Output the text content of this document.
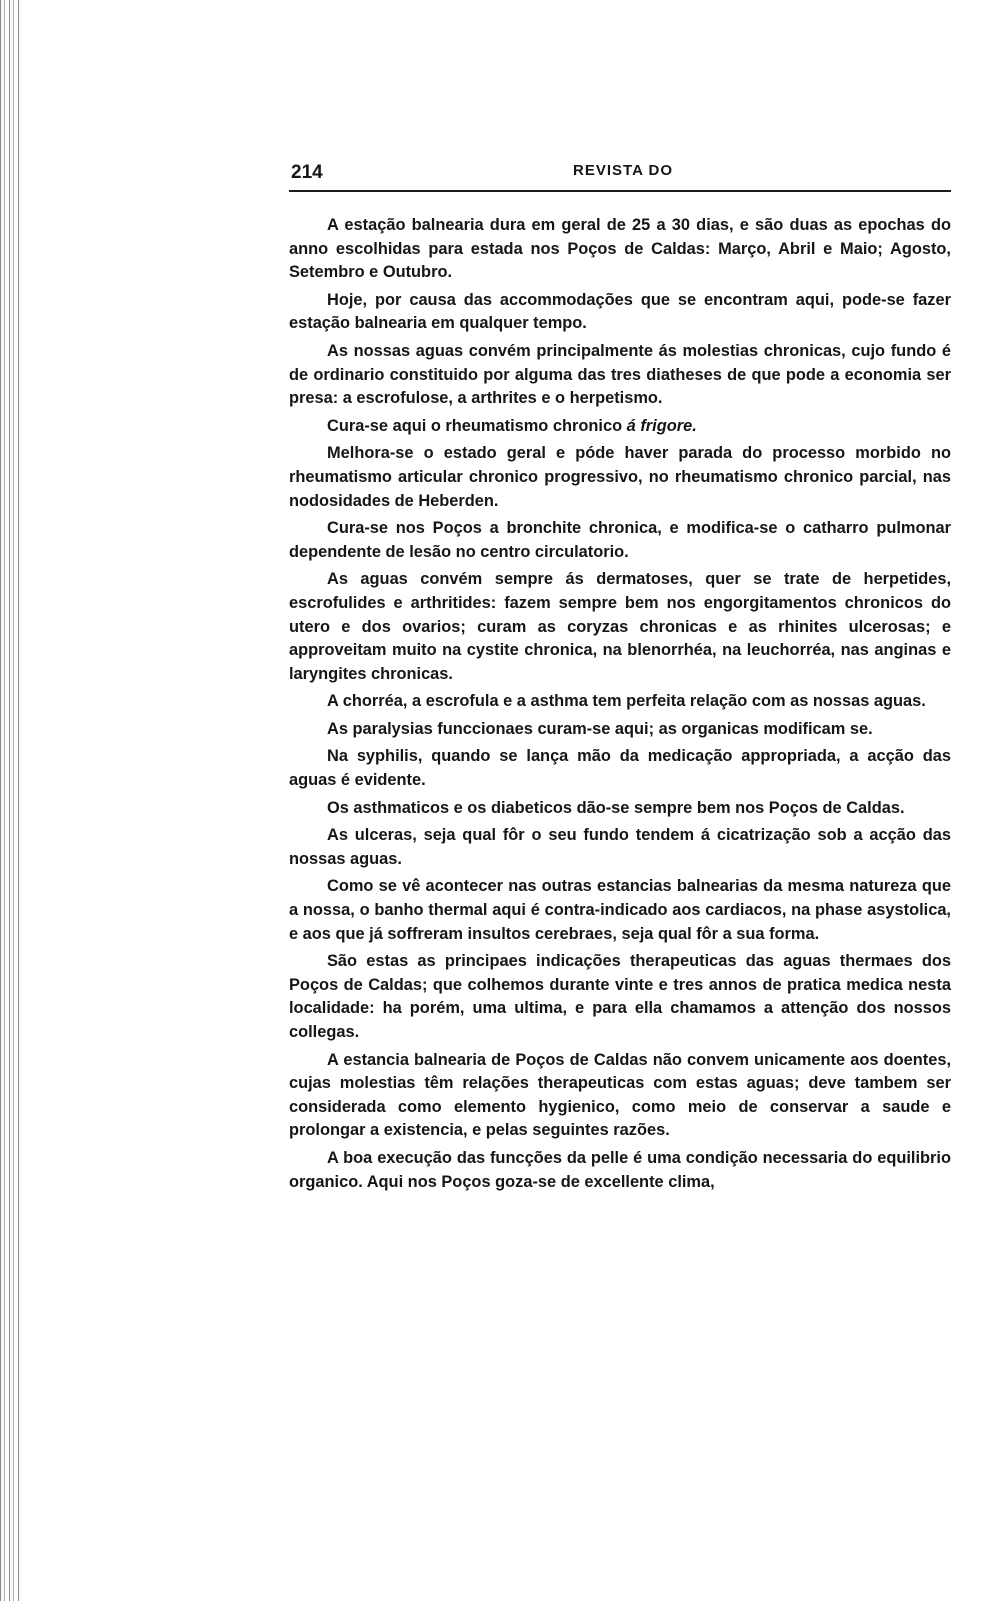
214	REVISTA DO

A estação balnearia dura em geral de 25 a 30 dias, e são duas as epochas do anno escolhidas para estada nos Poços de Caldas: Março, Abril e Maio; Agosto, Setembro e Outubro.

Hoje, por causa das accommodações que se encontram aqui, pode-se fazer estação balnearia em qualquer tempo.

As nossas aguas convém principalmente ás molestias chronicas, cujo fundo é de ordinario constituido por alguma das tres diatheses de que pode a economia ser presa: a escrofulose, a arthrites e o herpetismo.

Cura-se aqui o rheumatismo chronico á frigore.

Melhora-se o estado geral e póde haver parada do processo morbido no rheumatismo articular chronico progressivo, no rheumatismo chronico parcial, nas nodosidades de Heberden.

Cura-se nos Poços a bronchite chronica, e modifica-se o catharro pulmonar dependente de lesão no centro circulatorio.

As aguas convém sempre ás dermatoses, quer se trate de herpetides, escrofulides e arthritides: fazem sempre bem nos engorgitamentos chronicos do utero e dos ovarios; curam as coryzas chronicas e as rhinites ulcerosas; e approveitam muito na cystite chronica, na blenorrhéa, na leuchorréa, nas anginas e laryngites chronicas.

A chorréa, a escrofula e a asthma tem perfeita relação com as nossas aguas.

As paralysias funccionaes curam-se aqui; as organicas modificam se.

Na syphilis, quando se lança mão da medicação appropriada, a acção das aguas é evidente.

Os asthmaticos e os diabeticos dão-se sempre bem nos Poços de Caldas.

As ulceras, seja qual fôr o seu fundo tendem á cicatrização sob a acção das nossas aguas.

Como se vê acontecer nas outras estancias balnearias da mesma natureza que a nossa, o banho thermal aqui é contra-indicado aos cardiacos, na phase asystolica, e aos que já soffreram insultos cerebraes, seja qual fôr a sua forma.

São estas as principaes indicações therapeuticas das aguas thermaes dos Poços de Caldas; que colhemos durante vinte e tres annos de pratica medica nesta localidade: ha porém, uma ultima, e para ella chamamos a attenção dos nossos collegas.

A estancia balnearia de Poços de Caldas não convem unicamente aos doentes, cujas molestias têm relações therapeuticas com estas aguas; deve tambem ser considerada como elemento hygienico, como meio de conservar a saude e prolongar a existencia, e pelas seguintes razões.

A boa execução das funcções da pelle é uma condição necessaria do equilibrio organico. Aqui nos Poços goza-se de excellente clima,
